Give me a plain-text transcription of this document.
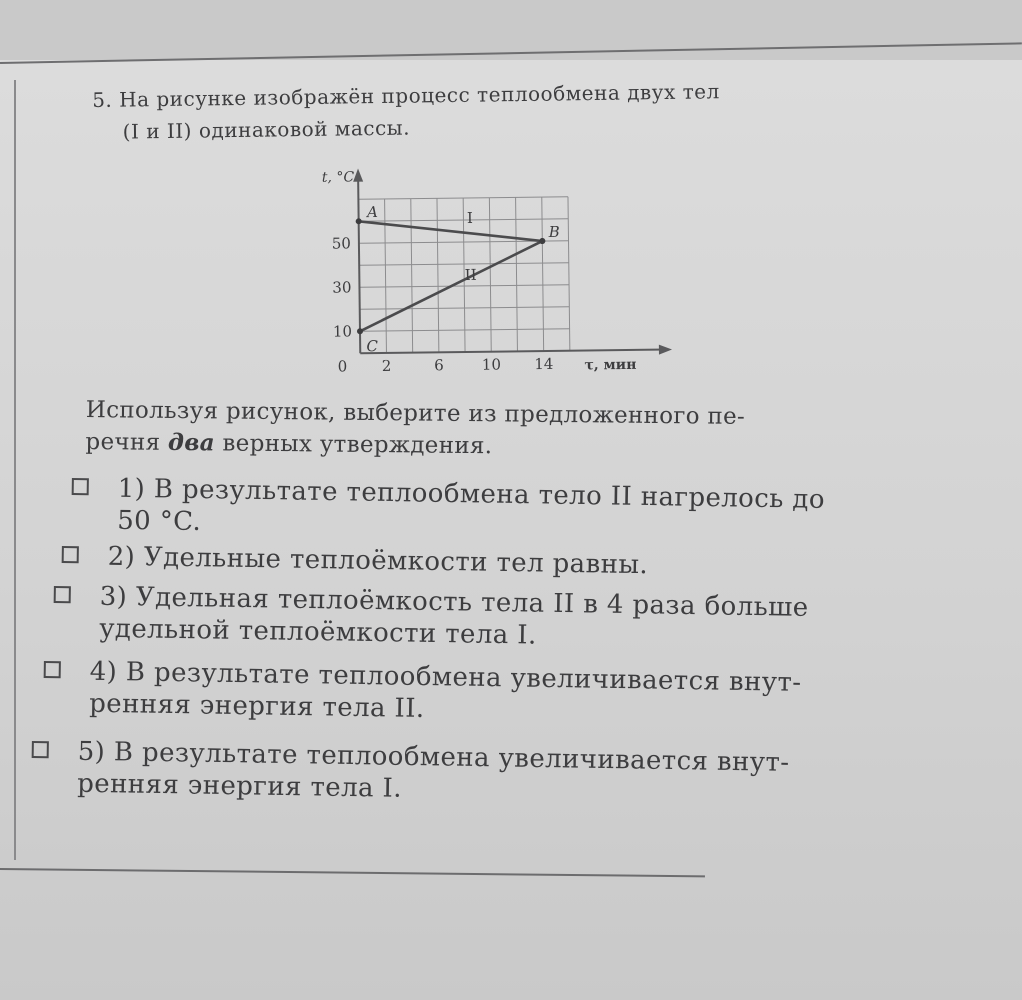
5. На рисунке изображён процесс теплообмена двух тел
(I и II) одинаковой массы.
0 2	6	10 14
10
30
50
t, °C
τ, мин
I
II
A
B
C
Используя рисунок, выберите из предложенного пе-
речня два верных утверждения.
1) В результате теплообмена тело II нагрелось до
50 °C.
2) Удельные теплоёмкости тел равны.
3) Удельная теплоёмкость тела II в 4 раза больше
удельной теплоёмкости тела I.
4) В результате теплообмена увеличивается внут-
ренняя энергия тела II.
5) В результате теплообмена увеличивается внут-
ренняя энергия тела I.
